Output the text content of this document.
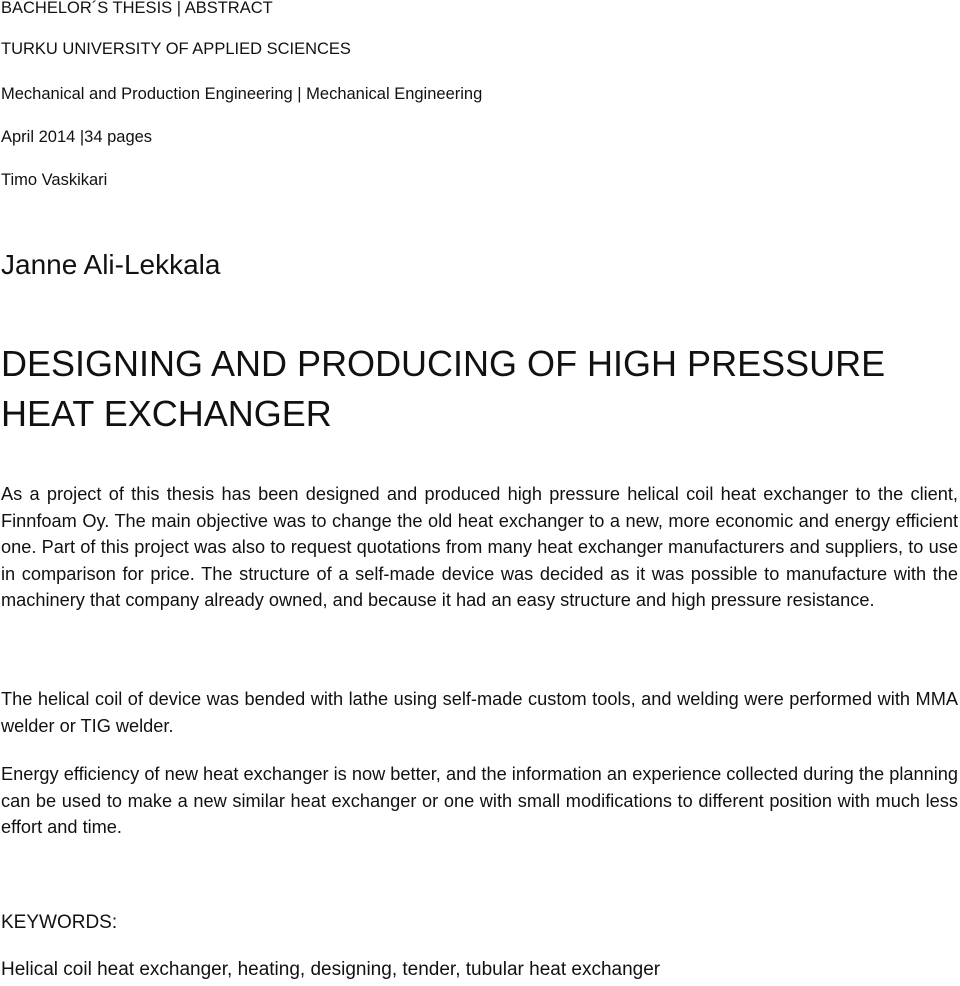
BACHELOR´S THESIS | ABSTRACT
TURKU UNIVERSITY OF APPLIED SCIENCES
Mechanical and Production Engineering | Mechanical Engineering
April 2014 |34 pages
Timo Vaskikari
Janne Ali-Lekkala
DESIGNING AND PRODUCING OF HIGH PRESSURE HEAT EXCHANGER
As a project of this thesis has been designed and produced high pressure helical coil heat exchanger to the client, Finnfoam Oy. The main objective was to change the old heat exchanger to a new, more economic and energy efficient one. Part of this project was also to request quotations from many heat exchanger manufacturers and suppliers, to use in comparison for price. The structure of a self-made device was decided as it was possible to manufacture with the machinery that company already owned, and because it had an easy structure and high pressure resistance.
The helical coil of device was bended with lathe using self-made custom tools, and welding were performed with MMA welder or TIG welder.
Energy efficiency of new heat exchanger is now better, and the information an experience collected during the planning can be used to make a new similar heat exchanger or one with small modifications to different position with much less effort and time.
KEYWORDS:
Helical coil heat exchanger, heating, designing, tender, tubular heat exchanger
